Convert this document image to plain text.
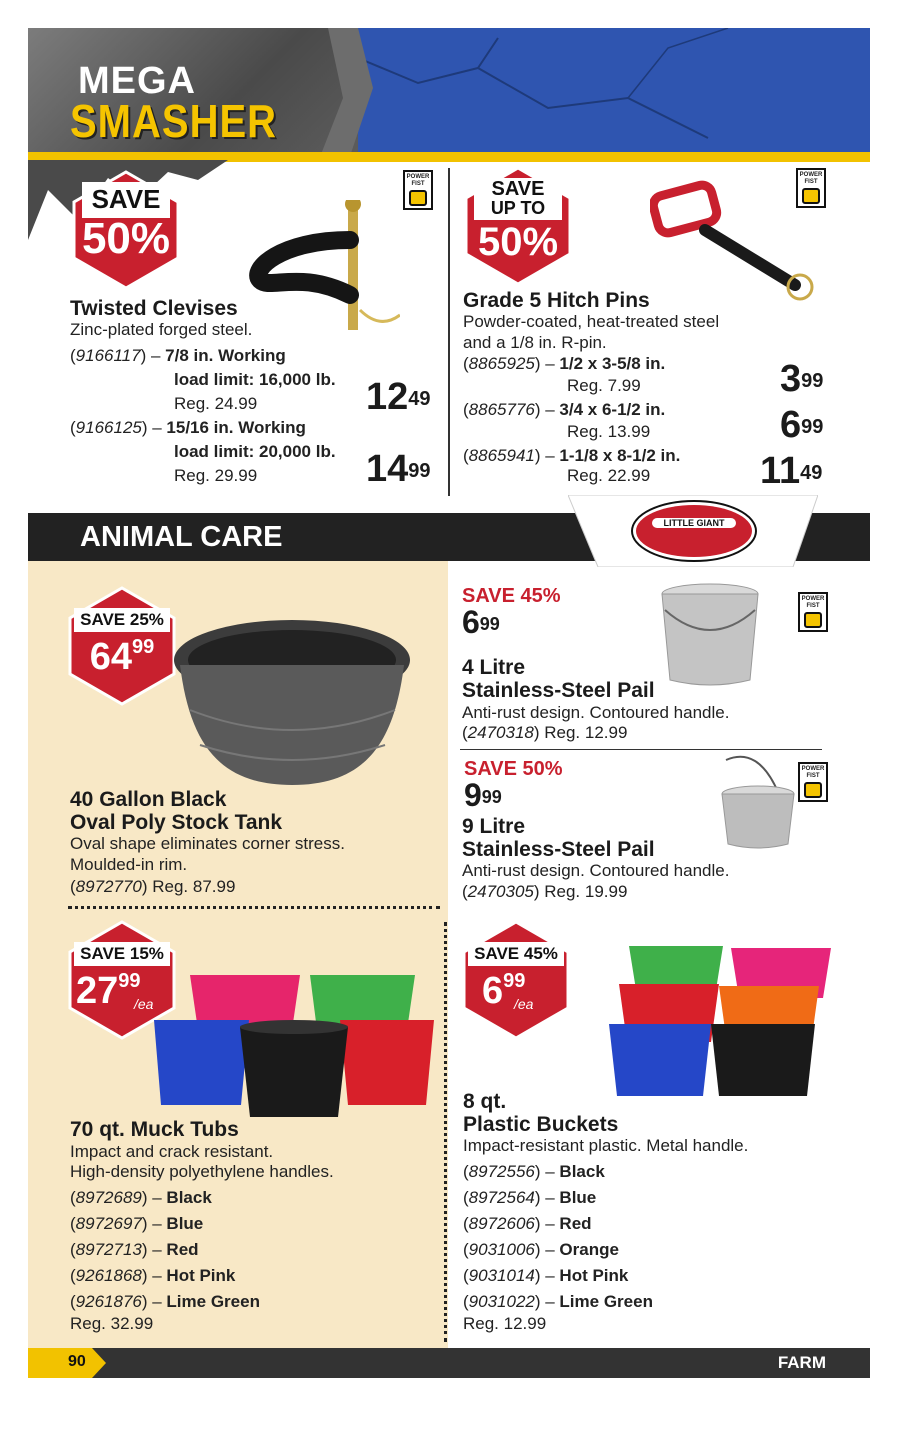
MEGA
SMASHER
SAVE
50%
POWER
FIST
Twisted Clevises
Zinc-plated forged steel.
(9166117) – 7/8 in. Working
load limit: 16,000 lb.
Reg. 24.99	$12^{49}$
(9166125) – 15/16 in. Working
load limit: 20,000 lb.
Reg. 29.99	$14^{99}$
SAVE
UP TO
50%
POWER
FIST
Grade 5 Hitch Pins
Powder-coated, heat-treated steel
and a 1/8 in. R-pin.
(8865925) – 1/2 x 3-5/8 in.
Reg. 7.99	$3^{99}$
(8865776) – 3/4 x 6-1/2 in.
Reg. 13.99	$6^{99}$
(8865941) – 1-1/8 x 8-1/2 in.
Reg. 22.99	$11^{49}$
ANIMAL CARE	LITTLE GIANT
SAVE 25%
$64^{99}$
40 Gallon Black
Oval Poly Stock Tank
Oval shape eliminates corner stress.
Moulded-in rim.
(8972770) Reg. 87.99
SAVE 45%
$6^{99}$
POWER
FIST
4 Litre
Stainless-Steel Pail
Anti-rust design. Contoured handle.
(2470318) Reg. 12.99
SAVE 50%
$9^{99}$
POWER
FIST
9 Litre
Stainless-Steel Pail
Anti-rust design. Contoured handle.
(2470305) Reg. 19.99
SAVE 15%
$27^{99}$
/ea
70 qt. Muck Tubs
Impact and crack resistant.
High-density polyethylene handles.
(8972689) – Black
(8972697) – Blue
(8972713) – Red
(9261868) – Hot Pink
(9261876) – Lime Green
Reg. 32.99
SAVE 45%
$6^{99}$
/ea
8 qt.
Plastic Buckets
Impact-resistant plastic. Metal handle.
(8972556) – Black
(8972564) – Blue
(8972606) – Red
(9031006) – Orange
(9031014) – Hot Pink
(9031022) – Lime Green
Reg. 12.99
90	FARM
